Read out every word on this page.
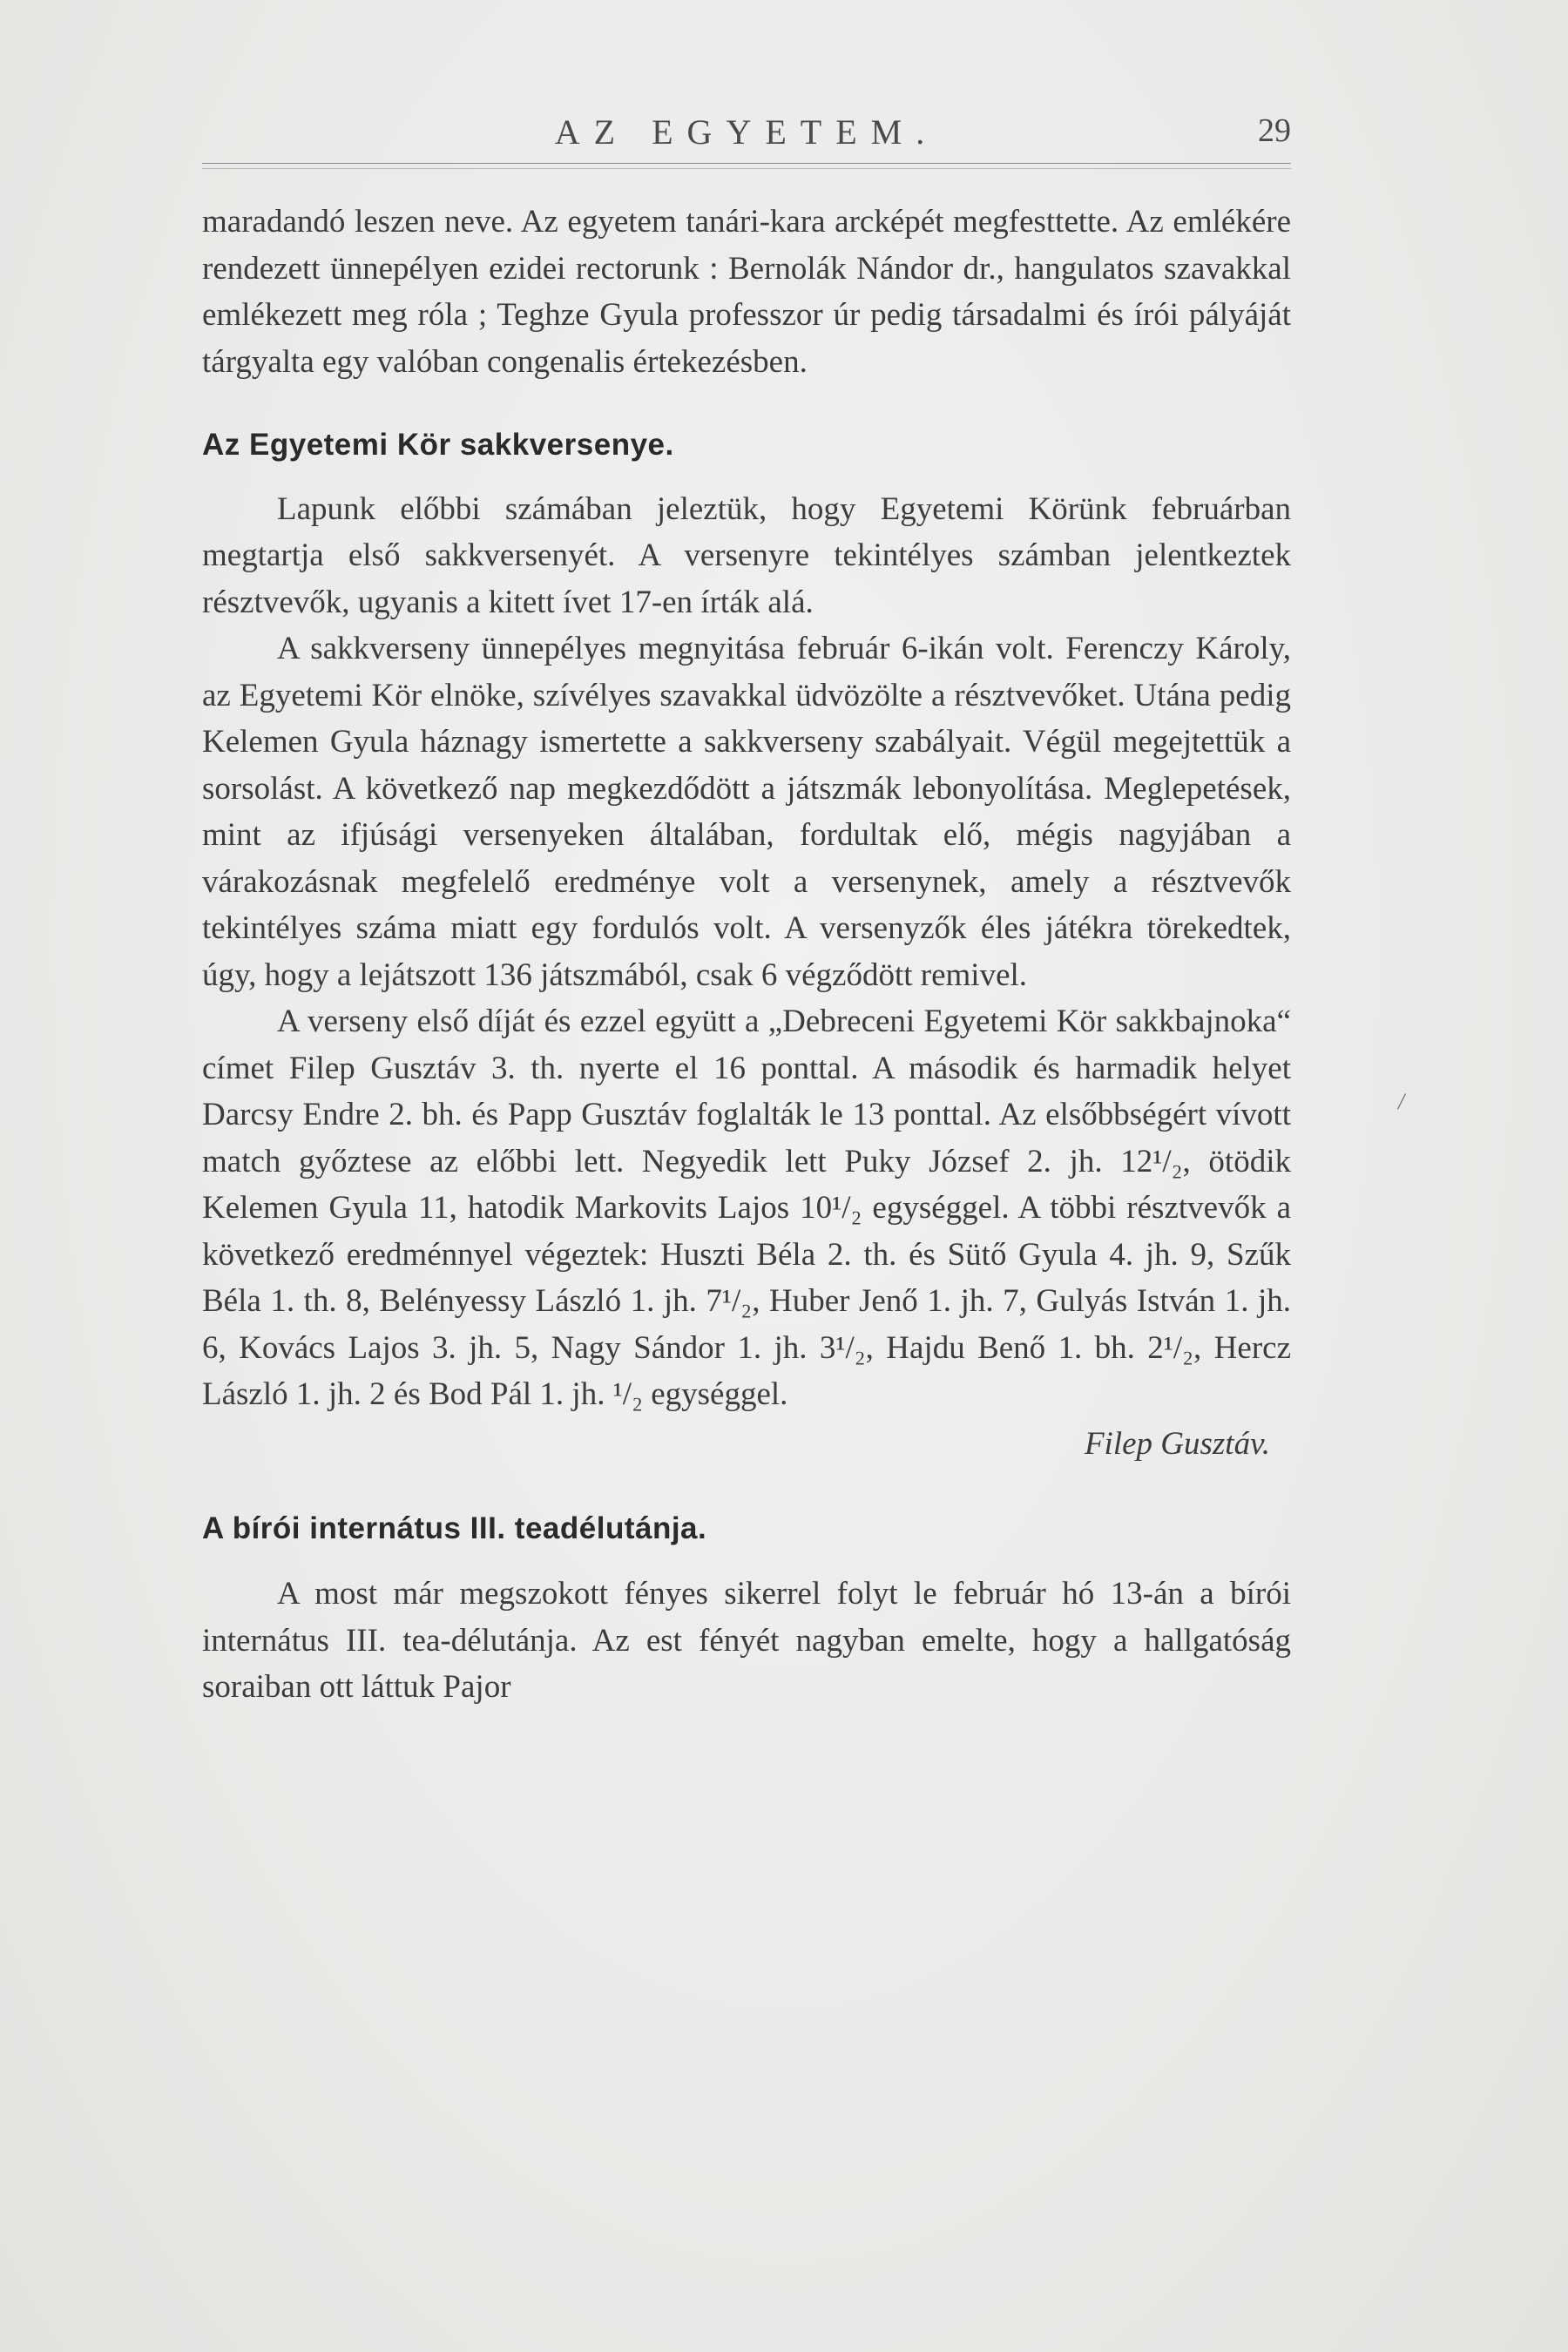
AZ EGYETEM.	29

maradandó leszen neve. Az egyetem tanári-kara arcképét megfesttette. Az emlékére rendezett ünnepélyen ezidei rectorunk : Bernolák Nándor dr., hangulatos szavakkal emlékezett meg róla ; Teghze Gyula professzor úr pedig társadalmi és írói pályáját tárgyalta egy valóban congenalis értekezésben.

Az Egyetemi Kör sakkversenye.

Lapunk előbbi számában jeleztük, hogy Egyetemi Körünk februárban megtartja első sakkversenyét. A versenyre tekintélyes számban jelentkeztek résztvevők, ugyanis a kitett ívet 17-en írták alá.

A sakkverseny ünnepélyes megnyitása február 6-ikán volt. Ferenczy Károly, az Egyetemi Kör elnöke, szívélyes szavakkal üdvözölte a résztvevőket. Utána pedig Kelemen Gyula háznagy ismertette a sakkverseny szabályait. Végül megejtettük a sorsolást. A következő nap megkezdődött a játszmák lebonyolítása. Meglepetések, mint az ifjúsági versenyeken általában, fordultak elő, mégis nagyjában a várakozásnak megfelelő eredménye volt a versenynek, amely a résztvevők tekintélyes száma miatt egy fordulós volt. A versenyzők éles játékra törekedtek, úgy, hogy a lejátszott 136 játszmából, csak 6 végződött remivel.

A verseny első díját és ezzel együtt a „Debreceni Egyetemi Kör sakkbajnoka“ címet Filep Gusztáv 3. th. nyerte el 16 ponttal. A második és harmadik helyet Darcsy Endre 2. bh. és Papp Gusztáv foglalták le 13 ponttal. Az elsőbbségért vívott match győztese az előbbi lett. Negyedik lett Puky József 2. jh. 12¹/₂, ötödik Kelemen Gyula 11, hatodik Markovits Lajos 10¹/₂ egységgel. A többi résztvevők a következő eredménnyel végeztek: Huszti Béla 2. th. és Sütő Gyula 4. jh. 9, Szűk Béla 1. th. 8, Belényessy László 1. jh. 7¹/₂, Huber Jenő 1. jh. 7, Gulyás István 1. jh. 6, Kovács Lajos 3. jh. 5, Nagy Sándor 1. jh. 3¹/₂, Hajdu Benő 1. bh. 2¹/₂, Hercz László 1. jh. 2 és Bod Pál 1. jh. ¹/₂ egységgel.

Filep Gusztáv.

A bírói internátus III. teadélutánja.

A most már megszokott fényes sikerrel folyt le február hó 13-án a bírói internátus III. tea-délutánja. Az est fényét nagyban emelte, hogy a hallgatóság soraiban ott láttuk Pajor

/
